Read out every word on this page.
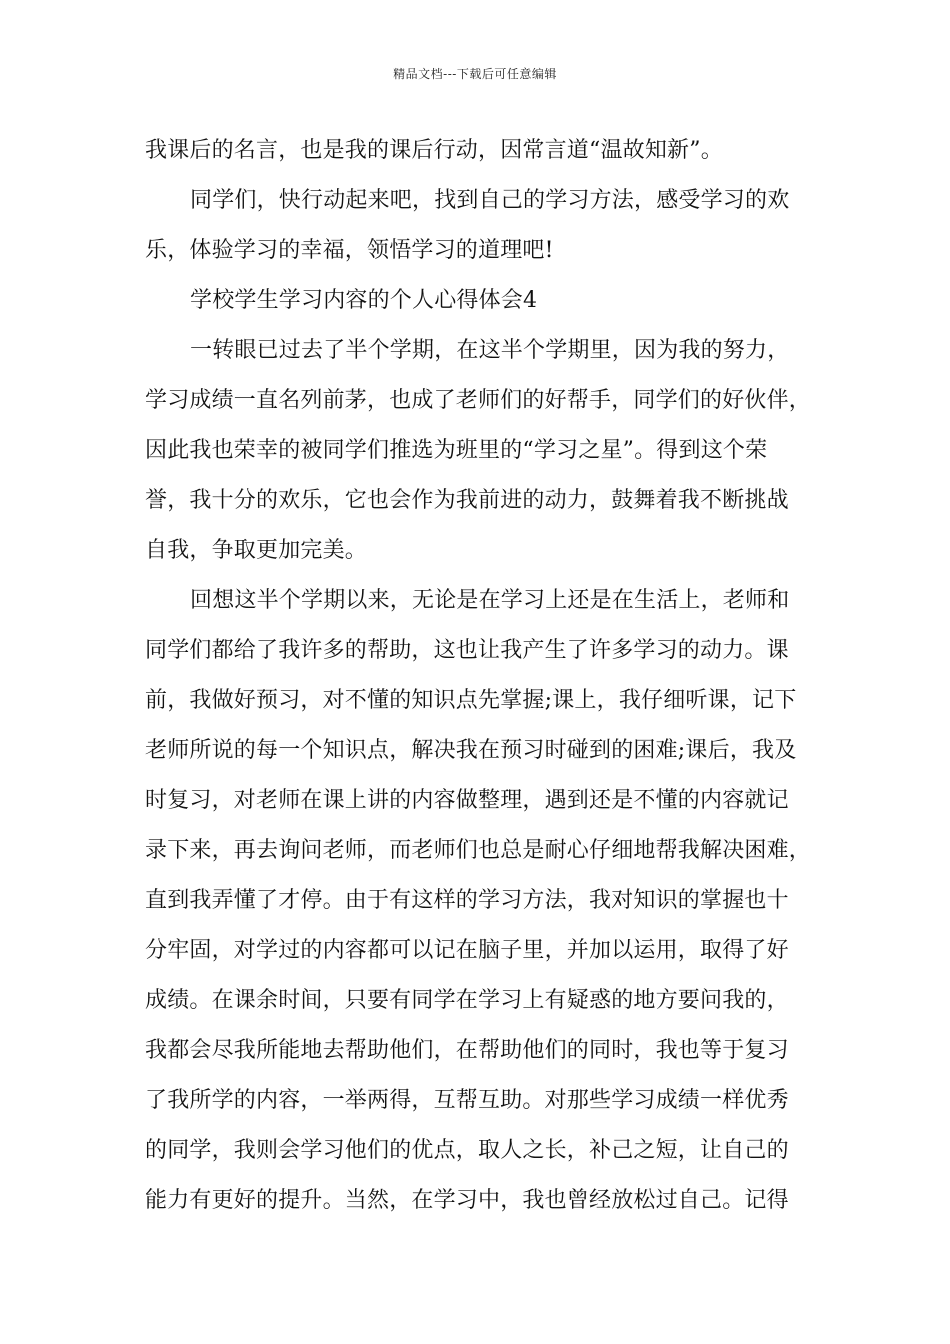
精品文档---下载后可任意编辑
我课后的名言，也是我的课后行动，因常言道“温故知新”。
同学们，快行动起来吧，找到自己的学习方法，感受学习的欢
乐，体验学习的幸福，领悟学习的道理吧!
学校学生学习内容的个人心得体会4
一转眼已过去了半个学期，在这半个学期里，因为我的努力，
学习成绩一直名列前茅，也成了老师们的好帮手，同学们的好伙伴，
因此我也荣幸的被同学们推选为班里的“学习之星”。得到这个荣
誉，我十分的欢乐，它也会作为我前进的动力，鼓舞着我不断挑战
自我，争取更加完美。
回想这半个学期以来，无论是在学习上还是在生活上，老师和
同学们都给了我许多的帮助，这也让我产生了许多学习的动力。课
前，我做好预习，对不懂的知识点先掌握;课上，我仔细听课，记下
老师所说的每一个知识点，解决我在预习时碰到的困难;课后，我及
时复习，对老师在课上讲的内容做整理，遇到还是不懂的内容就记
录下来，再去询问老师，而老师们也总是耐心仔细地帮我解决困难，
直到我弄懂了才停。由于有这样的学习方法，我对知识的掌握也十
分牢固，对学过的内容都可以记在脑子里，并加以运用，取得了好
成绩。在课余时间，只要有同学在学习上有疑惑的地方要问我的，
我都会尽我所能地去帮助他们，在帮助他们的同时，我也等于复习
了我所学的内容，一举两得，互帮互助。对那些学习成绩一样优秀
的同学，我则会学习他们的优点，取人之长，补己之短，让自己的
能力有更好的提升。当然，在学习中，我也曾经放松过自己。记得
